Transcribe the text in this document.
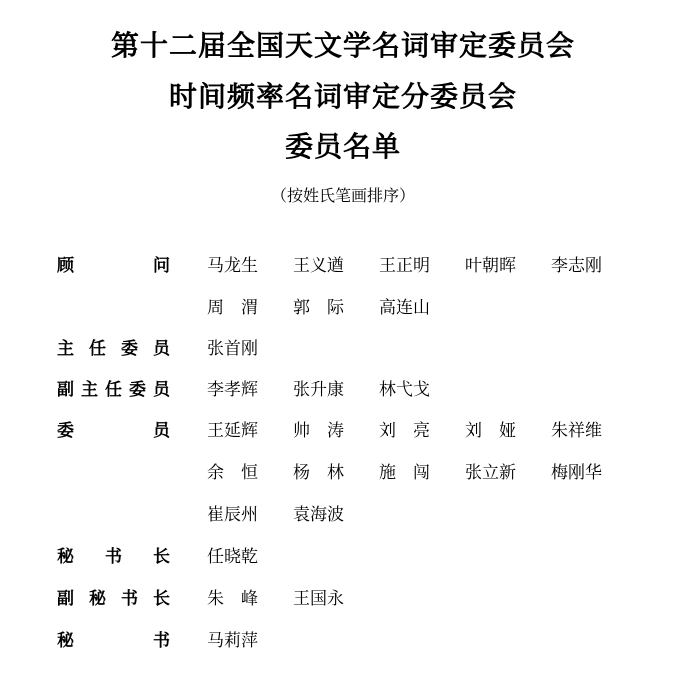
第十二届全国天文学名词审定委员会
时间频率名词审定分委员会
委员名单
（按姓氏笔画排序）
顾	问 马龙生 王义遒 王正明 叶朝晖 李志刚
周　渭 郭　际 高连山
主 任 委 员 张首刚
副 主 任 委 员 李孝辉 张升康 林弋戈
委	员 王延辉 帅　涛 刘　亮 刘　娅 朱祥维
余　恒 杨　林 施　闯 张立新 梅刚华
崔辰州 袁海波
秘 书 长 任晓乾
副 秘 书 长 朱　峰 王国永
秘	书 马莉萍
